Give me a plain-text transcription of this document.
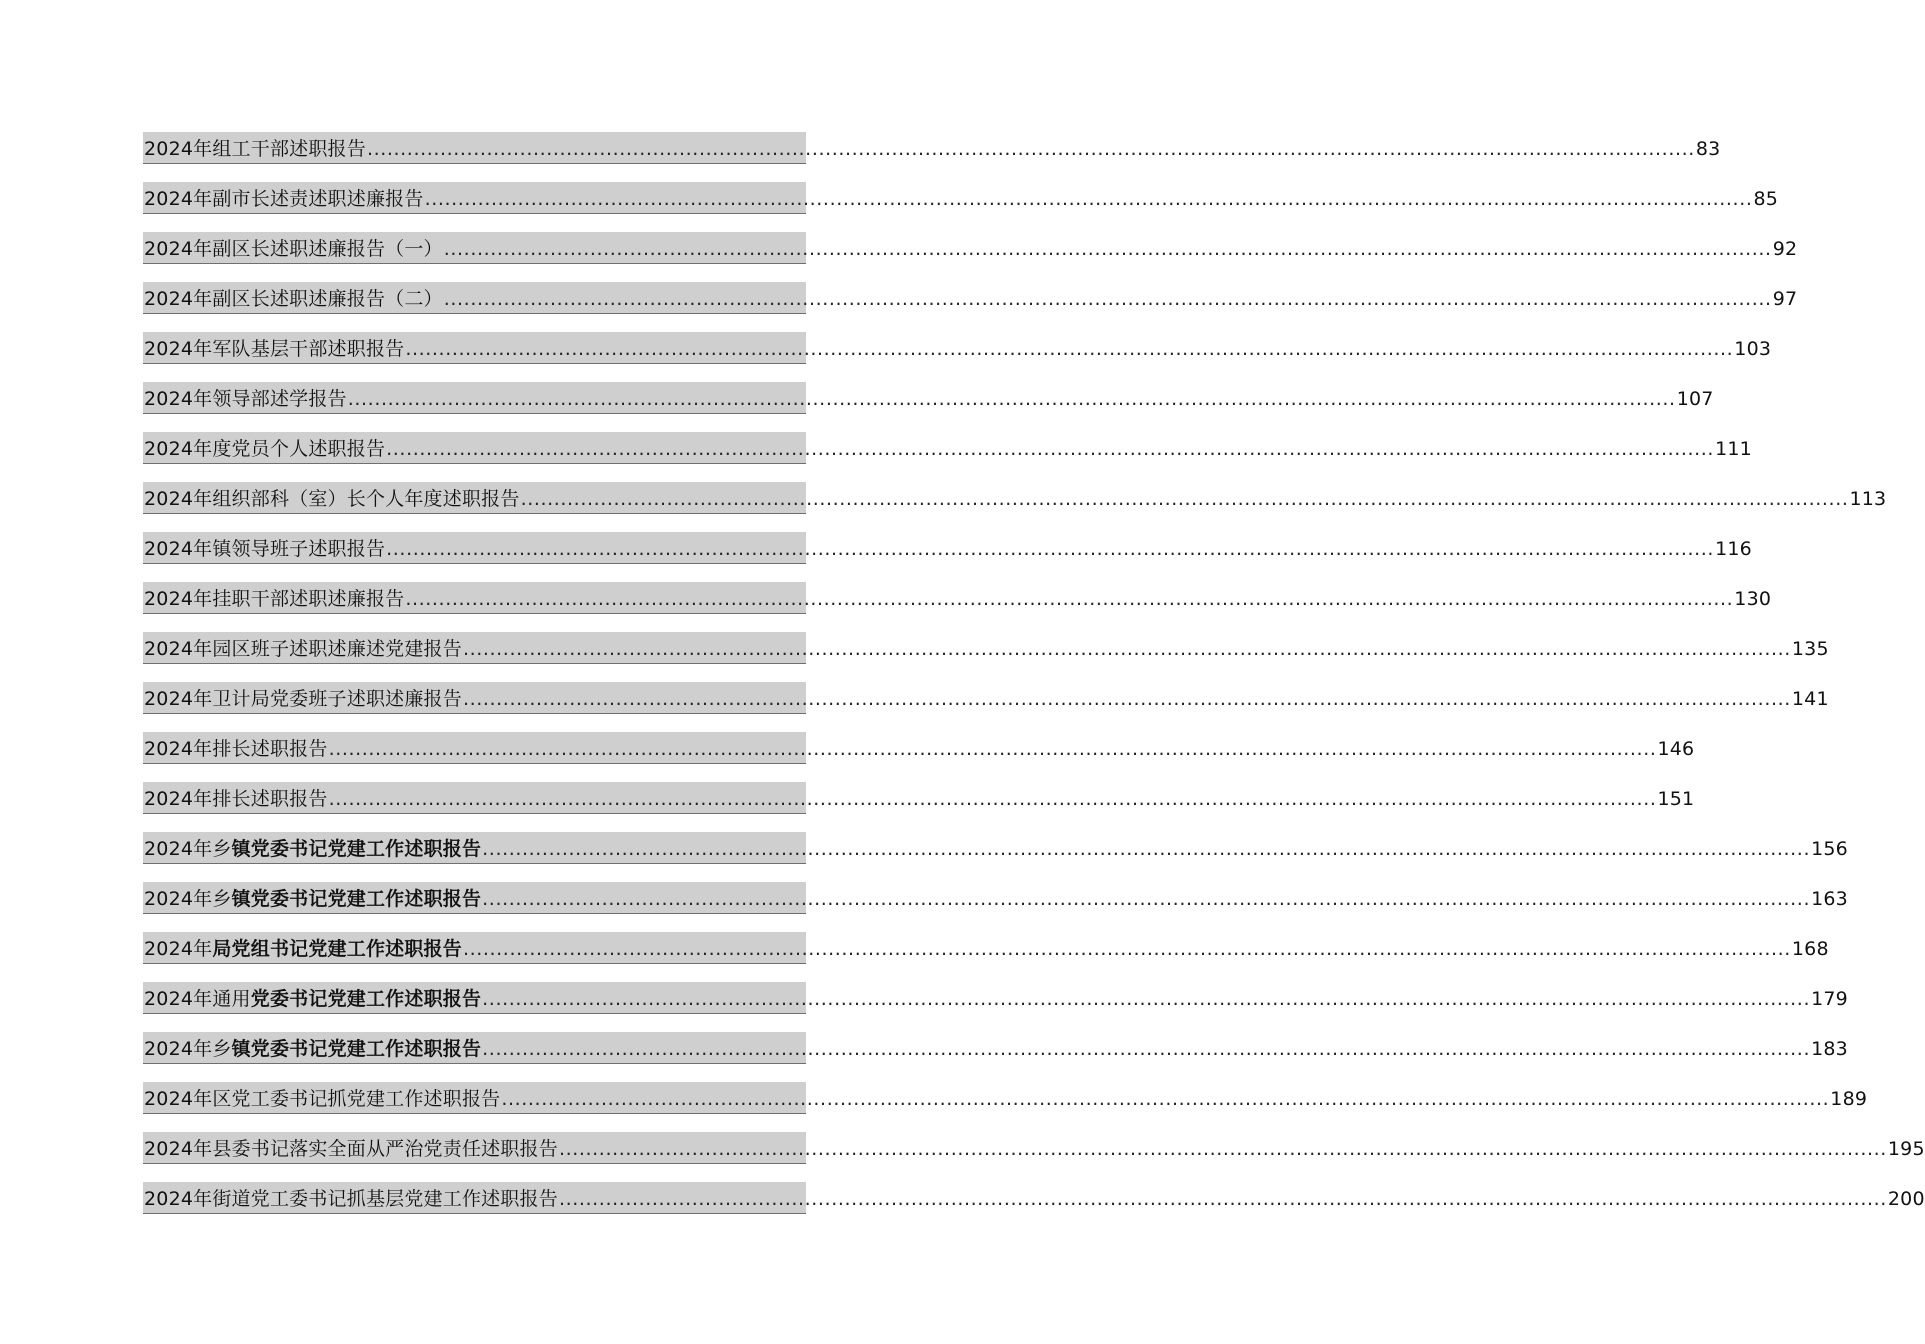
2024年组工干部述职报告 ........................................................................................................................................................................................................ 83
2024年副市长述责述职述廉报告 ........................................................................................................................................................................................................ 85
2024年副区长述职述廉报告（一） ........................................................................................................................................................................................................ 92
2024年副区长述职述廉报告（二） ........................................................................................................................................................................................................ 97
2024年军队基层干部述职报告 ........................................................................................................................................................................................................ 103
2024年领导部述学报告 ........................................................................................................................................................................................................ 107
2024年度党员个人述职报告 ........................................................................................................................................................................................................ 111
2024年组织部科（室）长个人年度述职报告 ........................................................................................................................................................................................................ 113
2024年镇领导班子述职报告 ........................................................................................................................................................................................................ 116
2024年挂职干部述职述廉报告 ........................................................................................................................................................................................................ 130
2024年园区班子述职述廉述党建报告 ........................................................................................................................................................................................................ 135
2024年卫计局党委班子述职述廉报告 ........................................................................................................................................................................................................ 141
2024年排长述职报告 ........................................................................................................................................................................................................ 146
2024年排长述职报告 ........................................................................................................................................................................................................ 151
2024年乡镇党委书记党建工作述职报告 ........................................................................................................................................................................................................ 156
2024年乡镇党委书记党建工作述职报告 ........................................................................................................................................................................................................ 163
2024年局党组书记党建工作述职报告 ........................................................................................................................................................................................................ 168
2024年通用党委书记党建工作述职报告 ........................................................................................................................................................................................................ 179
2024年乡镇党委书记党建工作述职报告 ........................................................................................................................................................................................................ 183
2024年区党工委书记抓党建工作述职报告 ........................................................................................................................................................................................................ 189
2024年县委书记落实全面从严治党责任述职报告 ........................................................................................................................................................................................................ 195
2024年街道党工委书记抓基层党建工作述职报告 ........................................................................................................................................................................................................ 200
